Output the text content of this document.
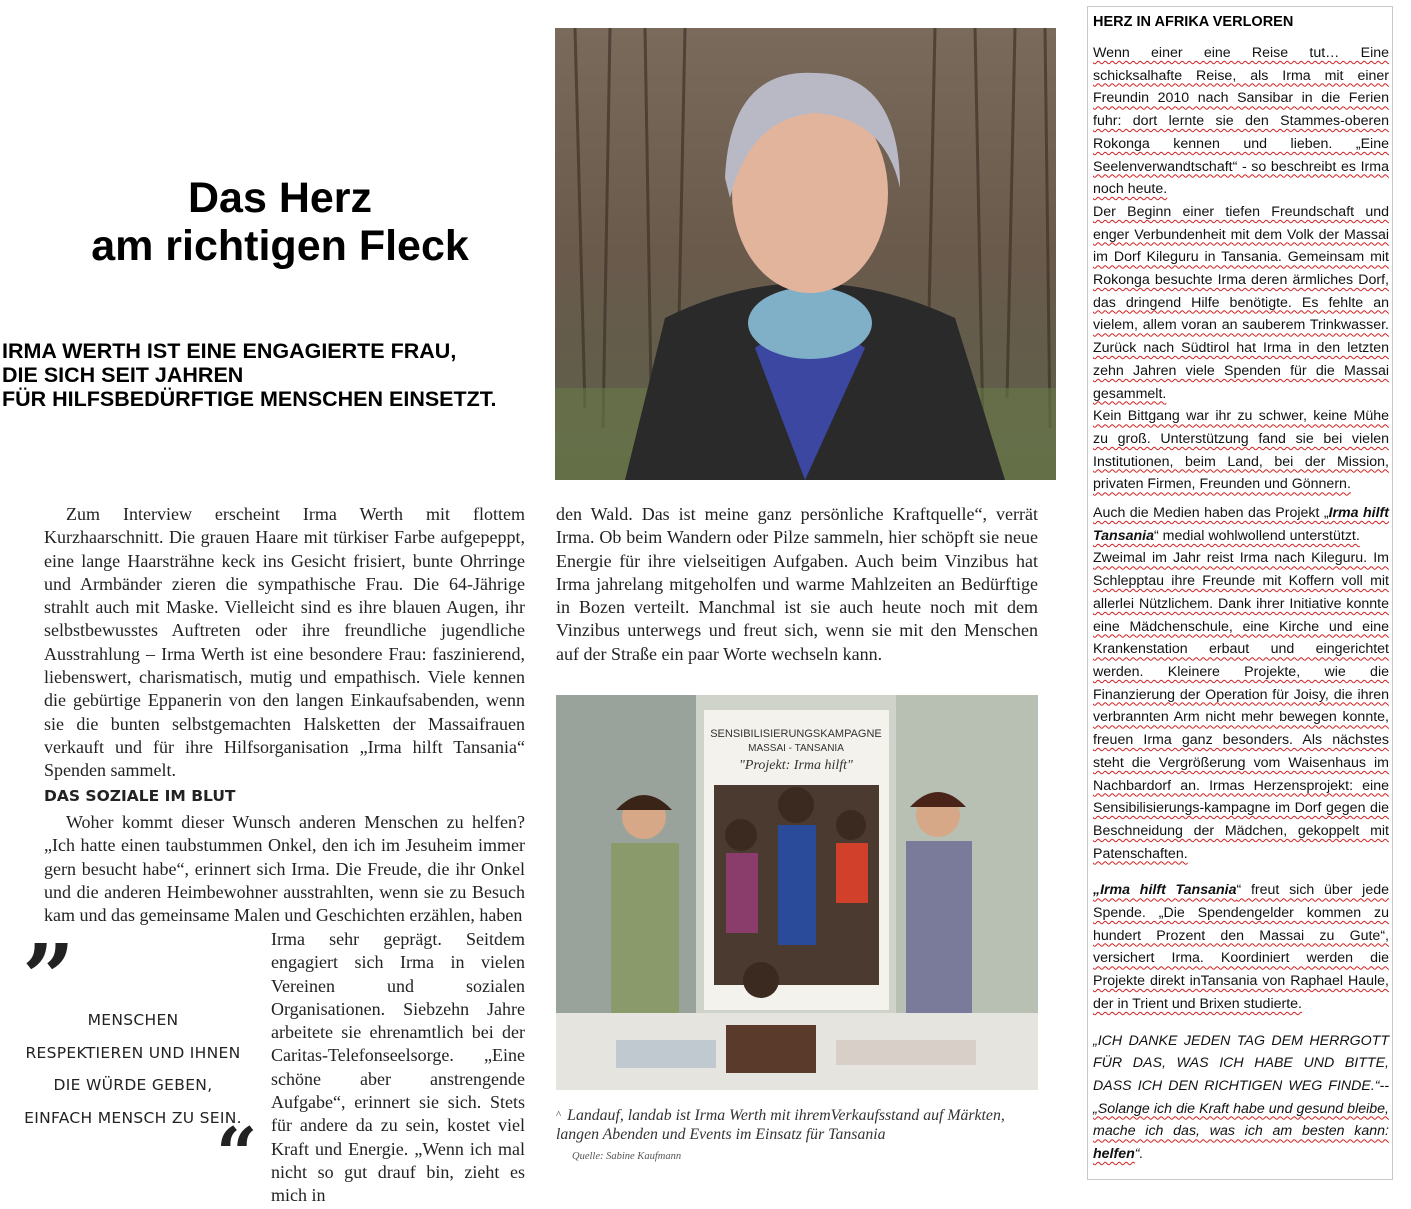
Das Herz
am richtigen Fleck
IRMA WERTH IST EINE ENGAGIERTE FRAU,
DIE SICH SEIT JAHREN
FÜR HILFSBEDÜRFTIGE MENSCHEN EINSETZT.

Zum Interview erscheint Irma Werth mit flottem Kurzhaarschnitt. Die grauen Haare mit türkiser Farbe aufgepeppt, eine lange Haarsträhne keck ins Gesicht frisiert, bunte Ohrringe und Armbänder zieren die sympathische Frau. Die 64-Jährige strahlt auch mit Maske. Vielleicht sind es ihre blauen Augen, ihr selbstbewusstes Auftreten oder ihre freundliche jugendliche Ausstrahlung – Irma Werth ist eine besondere Frau: faszinierend, liebenswert, charismatisch, mutig und empathisch. Viele kennen die gebürtige Eppanerin von den langen Einkaufsabenden, wenn sie die bunten selbstgemachten Halsketten der Massaifrauen verkauft und für ihre Hilfsorganisation „Irma hilft Tansania“ Spenden sammelt.

DAS SOZIALE IM BLUT

Woher kommt dieser Wunsch anderen Menschen zu helfen? „Ich hatte einen taubstummen Onkel, den ich im Jesuheim immer gern besucht habe“, erinnert sich Irma. Die Freude, die ihr Onkel und die anderen Heimbewohner ausstrahlten, wenn sie zu Besuch kam und das gemeinsame Malen und Geschichten erzählen, haben

Irma sehr geprägt. Seitdem engagiert sich Irma in vielen Vereinen und sozialen Organisationen. Siebzehn Jahre arbeitete sie ehrenamtlich bei der Caritas-Telefonseelsorge. „Eine schöne aber anstrengende Aufgabe“, erinnert sie sich. Stets für andere da zu sein, kostet viel Kraft und Energie. „Wenn ich mal nicht so gut drauf bin, zieht es mich in

” MENSCHEN
RESPEKTIEREN UND IHNEN
DIE WÜRDE GEBEN,
EINFACH MENSCH ZU SEIN.
“

den Wald. Das ist meine ganz persönliche Kraftquelle“, verrät Irma. Ob beim Wandern oder Pilze sammeln, hier schöpft sie neue Energie für ihre vielseitigen Aufgaben. Auch beim Vinzibus hat Irma jahrelang mitgeholfen und warme Mahlzeiten an Bedürftige in Bozen verteilt. Manchmal ist sie auch heute noch mit dem Vinzibus unterwegs und freut sich, wenn sie mit den Menschen auf der Straße ein paar Worte wechseln kann.

SENSIBILISIERUNGSKAMPAGNE
MASSAI - TANSANIA
"Projekt: Irma hilft"
^ Landauf, landab ist Irma Werth mit ihremVerkaufsstand auf Märkten, langen Abenden und Events im Einsatz für Tansania
Quelle: Sabine Kaufmann
HERZ IN AFRIKA VERLOREN

Wenn einer eine Reise tut… Eine schicksalhafte Reise, als Irma mit einer Freundin 2010 nach Sansibar in die Ferien fuhr: dort lernte sie den Stammes-oberen Rokonga kennen und lieben. „Eine Seelenverwandtschaft“ - so beschreibt es Irma noch heute.

Der Beginn einer tiefen Freundschaft und enger Verbundenheit mit dem Volk der Massai im Dorf Kileguru in Tansania. Gemeinsam mit Rokonga besuchte Irma deren ärmliches Dorf, das dringend Hilfe benötigte. Es fehlte an vielem, allem voran an sauberem Trinkwasser. Zurück nach Südtirol hat Irma in den letzten zehn Jahren viele Spenden für die Massai gesammelt.

Kein Bittgang war ihr zu schwer, keine Mühe zu groß. Unterstützung fand sie bei vielen Institutionen, beim Land, bei der Mission, privaten Firmen, Freunden und Gönnern.

Auch die Medien haben das Projekt „Irma hilft Tansania“ medial wohlwollend unterstützt.

Zweimal im Jahr reist Irma nach Kileguru. Im Schlepptau ihre Freunde mit Koffern voll mit allerlei Nützlichem. Dank ihrer Initiative konnte eine Mädchenschule, eine Kirche und eine Krankenstation erbaut und eingerichtet werden. Kleinere Projekte, wie die Finanzierung der Operation für Joisy, die ihren verbrannten Arm nicht mehr bewegen konnte, freuen Irma ganz besonders. Als nächstes steht die Vergrößerung vom Waisenhaus im Nachbardorf an. Irmas Herzensprojekt: eine Sensibilisierungs-kampagne im Dorf gegen die Beschneidung der Mädchen, gekoppelt mit Patenschaften.

„Irma hilft Tansania“ freut sich über jede Spende. „Die Spendengelder kommen zu hundert Prozent den Massai zu Gute“, versichert Irma. Koordiniert werden die Projekte direkt inTansania von Raphael Haule, der in Trient und Brixen studierte.

„ICH DANKE JEDEN TAG DEM HERRGOTT FÜR DAS, WAS ICH HABE UND BITTE, DASS ICH DEN RICHTIGEN WEG FINDE.“-- „Solange ich die Kraft habe und gesund bleibe, mache ich das, was ich am besten kann: helfen“.
